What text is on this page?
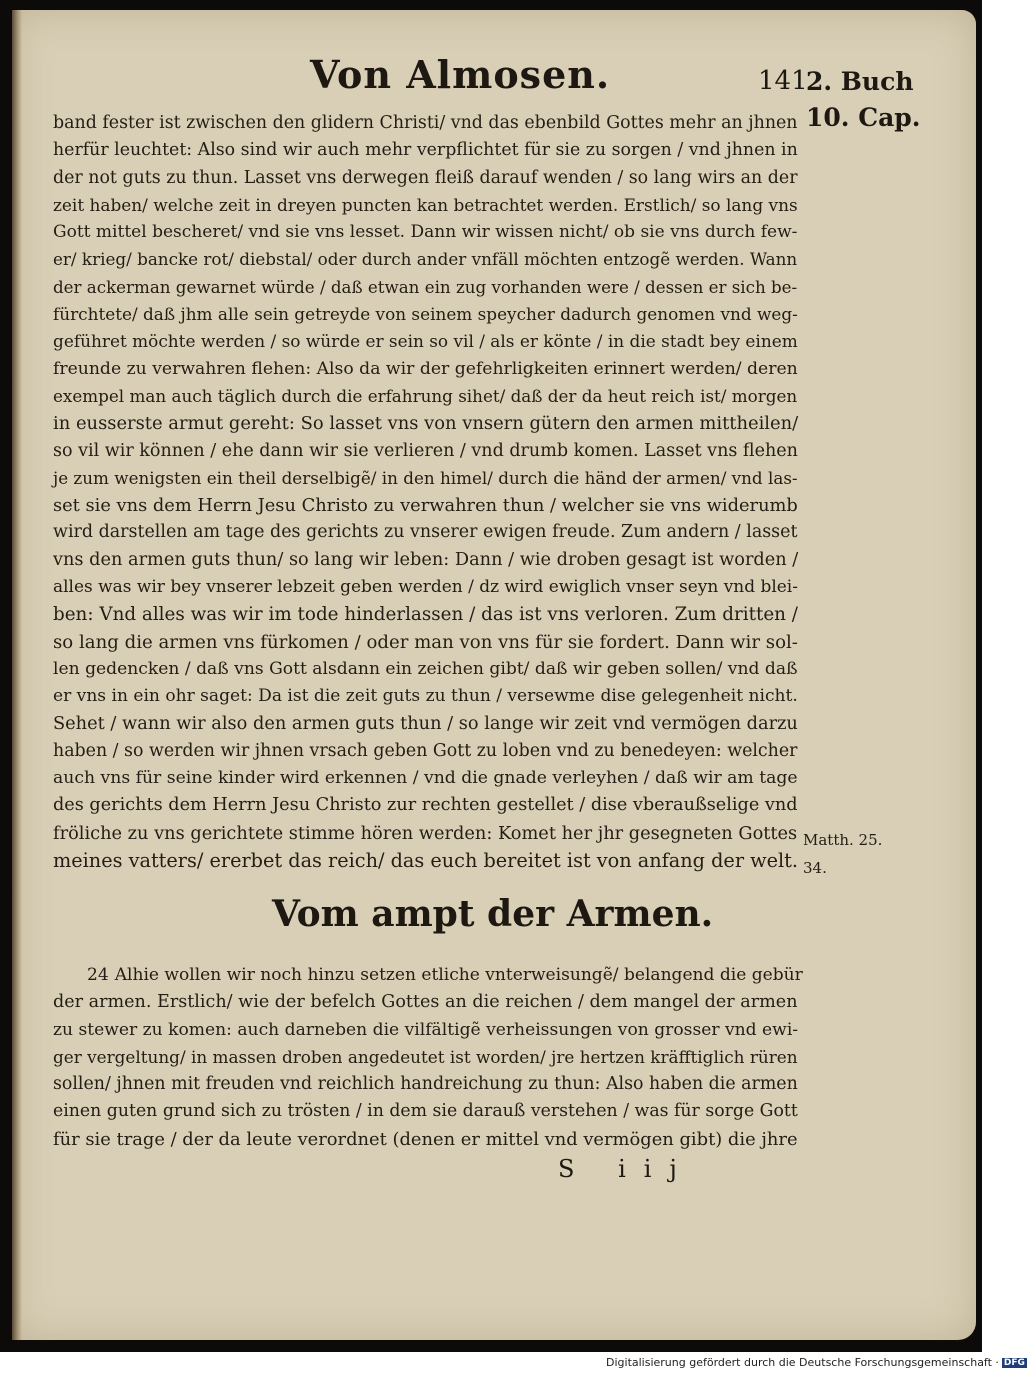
Von Almosen.	141
2. Buch
10. Cap.
band fester ist zwischen den glidern Christi/ vnd das ebenbild Gottes mehr an jhnen
herfür leuchtet: Also sind wir auch mehr verpflichtet für sie zu sorgen / vnd jhnen in
der not guts zu thun. Lasset vns derwegen fleiß darauf wenden / so lang wirs an der
zeit haben/ welche zeit in dreyen puncten kan betrachtet werden. Erstlich/ so lang vns
Gott mittel bescheret/ vnd sie vns lesset. Dann wir wissen nicht/ ob sie vns durch few-
er/ krieg/ bancke rot/ diebstal/ oder durch ander vnfäll möchten entzogẽ werden. Wann
der ackerman gewarnet würde / daß etwan ein zug vorhanden were / dessen er sich be-
fürchtete/ daß jhm alle sein getreyde von seinem speycher dadurch genomen vnd weg-
geführet möchte werden / so würde er sein so vil / als er könte / in die stadt bey einem
freunde zu verwahren flehen: Also da wir der gefehrligkeiten erinnert werden/ deren
exempel man auch täglich durch die erfahrung sihet/ daß der da heut reich ist/ morgen
in eusserste armut gereht: So lasset vns von vnsern gütern den armen mittheilen/
so vil wir können / ehe dann wir sie verlieren / vnd drumb komen. Lasset vns flehen
je zum wenigsten ein theil derselbigẽ/ in den himel/ durch die händ der armen/ vnd las-
set sie vns dem Herrn Jesu Christo zu verwahren thun / welcher sie vns widerumb
wird darstellen am tage des gerichts zu vnserer ewigen freude. Zum andern / lasset
vns den armen guts thun/ so lang wir leben: Dann / wie droben gesagt ist worden /
alles was wir bey vnserer lebzeit geben werden / dz wird ewiglich vnser seyn vnd blei-
ben: Vnd alles was wir im tode hinderlassen / das ist vns verloren. Zum dritten /
so lang die armen vns fürkomen / oder man von vns für sie fordert. Dann wir sol-
len gedencken / daß vns Gott alsdann ein zeichen gibt/ daß wir geben sollen/ vnd daß
er vns in ein ohr saget: Da ist die zeit guts zu thun / versewme dise gelegenheit nicht.
Sehet / wann wir also den armen guts thun / so lange wir zeit vnd vermögen darzu
haben / so werden wir jhnen vrsach geben Gott zu loben vnd zu benedeyen: welcher
auch vns für seine kinder wird erkennen / vnd die gnade verleyhen / daß wir am tage
des gerichts dem Herrn Jesu Christo zur rechten gestellet / dise vberaußselige vnd
fröliche zu vns gerichtete stimme hören werden: Komet her jhr gesegneten Gottes
meines vatters/ ererbet das reich/ das euch bereitet ist von anfang der welt.
Matth. 25.
34.
Vom ampt der Armen.
24 Alhie wollen wir noch hinzu setzen etliche vnterweisungẽ/ belangend die gebür
der armen. Erstlich/ wie der befelch Gottes an die reichen / dem mangel der armen
zu stewer zu komen: auch darneben die vilfältigẽ verheissungen von grosser vnd ewi-
ger vergeltung/ in massen droben angedeutet ist worden/ jre hertzen kräfftiglich rüren
sollen/ jhnen mit freuden vnd reichlich handreichung zu thun: Also haben die armen
einen guten grund sich zu trösten / in dem sie darauß verstehen / was für sorge Gott
für sie trage / der da leute verordnet (denen er mittel vnd vermögen gibt) die jhre
S iij
Digitalisierung gefördert durch die Deutsche Forschungsgemeinschaft · DFG
